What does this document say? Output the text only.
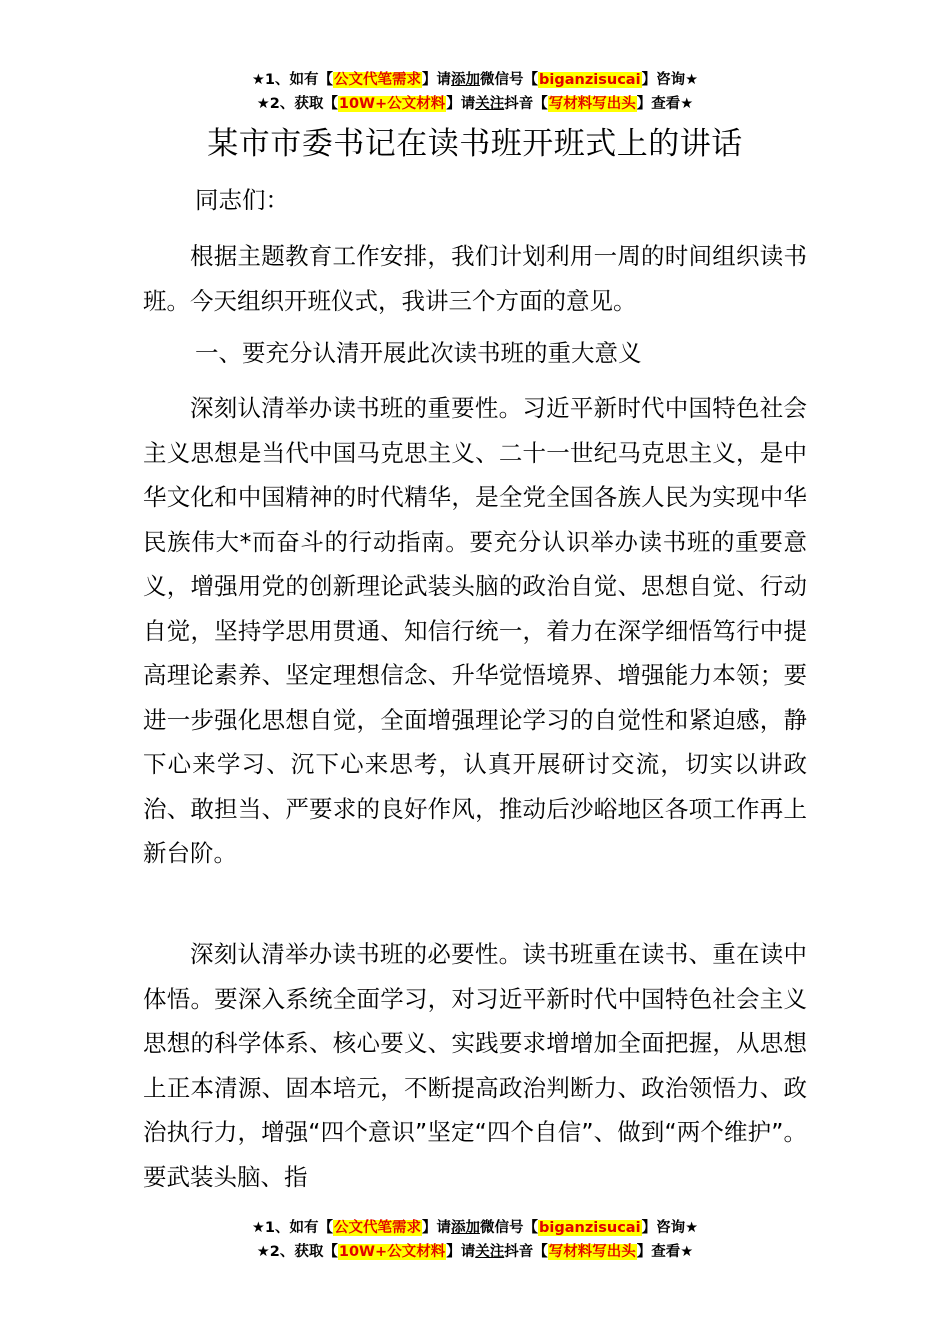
★1、如有【公文代笔需求】请添加微信号【biganzisucai】咨询★
★2、获取【10W+公文材料】请关注抖音【写材料写出头】查看★
某市市委书记在读书班开班式上的讲话
同志们：

根据主题教育工作安排，我们计划利用一周的时间组织读书班。今天组织开班仪式，我讲三个方面的意见。

一、要充分认清开展此次读书班的重大意义

深刻认清举办读书班的重要性。习近平新时代中国特色社会主义思想是当代中国马克思主义、二十一世纪马克思主义，是中华文化和中国精神的时代精华，是全党全国各族人民为实现中华民族伟大*而奋斗的行动指南。要充分认识举办读书班的重要意义，增强用党的创新理论武装头脑的政治自觉、思想自觉、行动自觉，坚持学思用贯通、知信行统一，着力在深学细悟笃行中提高理论素养、坚定理想信念、升华觉悟境界、增强能力本领；要进一步强化思想自觉，全面增强理论学习的自觉性和紧迫感，静下心来学习、沉下心来思考，认真开展研讨交流，切实以讲政治、敢担当、严要求的良好作风，推动后沙峪地区各项工作再上新台阶。

深刻认清举办读书班的必要性。读书班重在读书、重在读中体悟。要深入系统全面学习，对习近平新时代中国特色社会主义思想的科学体系、核心要义、实践要求增增加全面把握，从思想上正本清源、固本培元，不断提高政治判断力、政治领悟力、政治执行力，增强“四个意识”坚定“四个自信”、做到“两个维护”。要武装头脑、指

★1、如有【公文代笔需求】请添加微信号【biganzisucai】咨询★
★2、获取【10W+公文材料】请关注抖音【写材料写出头】查看★
